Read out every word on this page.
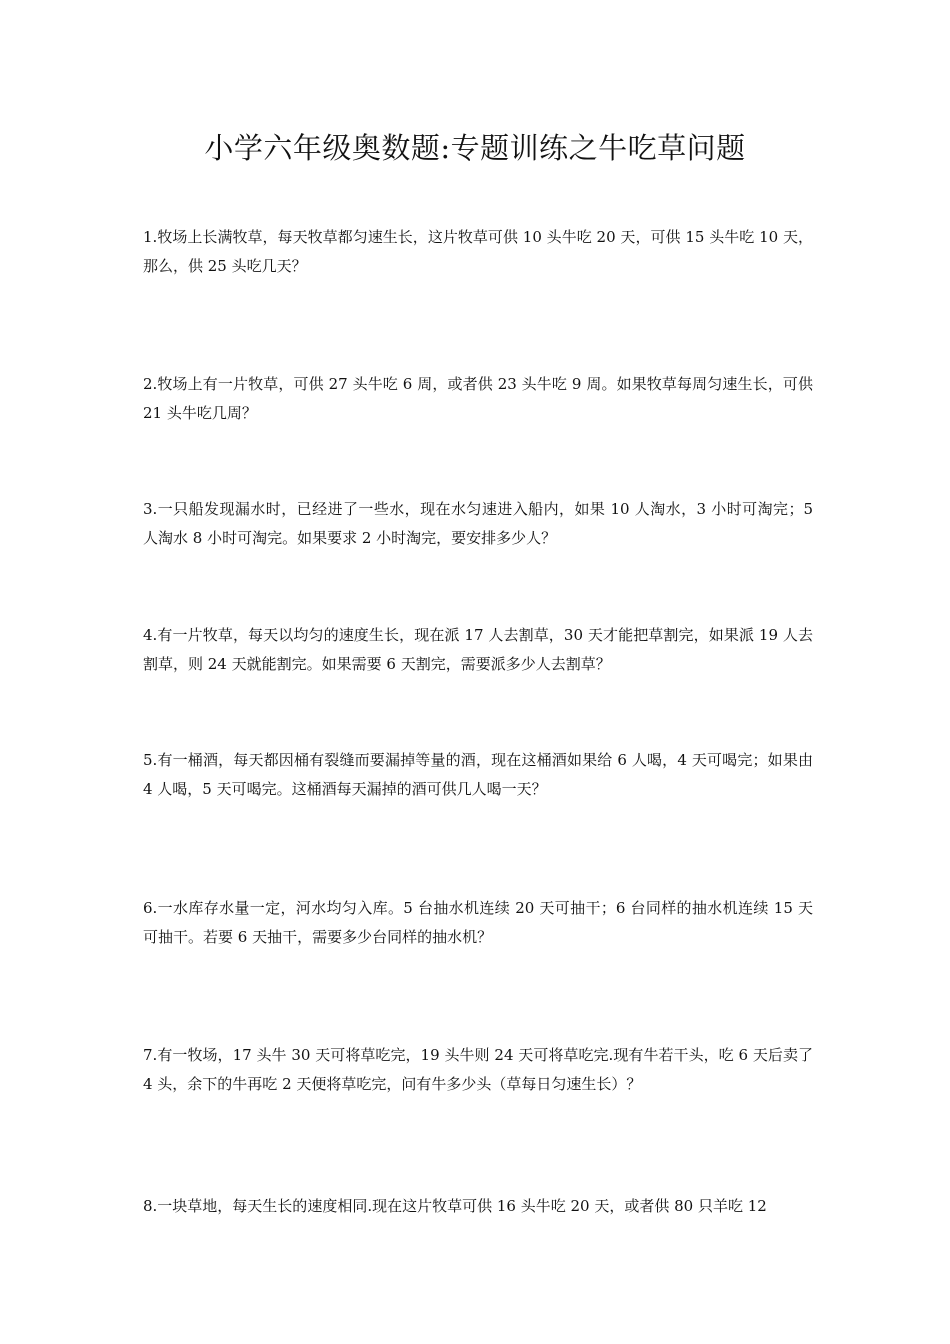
小学六年级奥数题:专题训练之牛吃草问题
1.牧场上长满牧草，每天牧草都匀速生长，这片牧草可供 10 头牛吃 20 天，可供 15 头牛吃 10 天，那么，供 25 头吃几天？
2.牧场上有一片牧草，可供 27 头牛吃 6 周，或者供 23 头牛吃 9 周。如果牧草每周匀速生长，可供 21 头牛吃几周？
3.一只船发现漏水时，已经进了一些水，现在水匀速进入船内，如果 10 人淘水，3 小时可淘完；5 人淘水 8 小时可淘完。如果要求 2 小时淘完，要安排多少人？
4.有一片牧草，每天以均匀的速度生长，现在派 17 人去割草，30 天才能把草割完，如果派 19 人去割草，则 24 天就能割完。如果需要 6 天割完，需要派多少人去割草？
5.有一桶酒，每天都因桶有裂缝而要漏掉等量的酒，现在这桶酒如果给 6 人喝，4 天可喝完；如果由 4 人喝，5 天可喝完。这桶酒每天漏掉的酒可供几人喝一天？
6.一水库存水量一定，河水均匀入库。5 台抽水机连续 20 天可抽干；6 台同样的抽水机连续 15 天可抽干。若要 6 天抽干，需要多少台同样的抽水机？
7.有一牧场，17 头牛 30 天可将草吃完，19 头牛则 24 天可将草吃完.现有牛若干头，吃 6 天后卖了 4 头，余下的牛再吃 2 天便将草吃完，问有牛多少头（草每日匀速生长）？
8.一块草地，每天生长的速度相同.现在这片牧草可供 16 头牛吃 20 天，或者供 80 只羊吃 12
